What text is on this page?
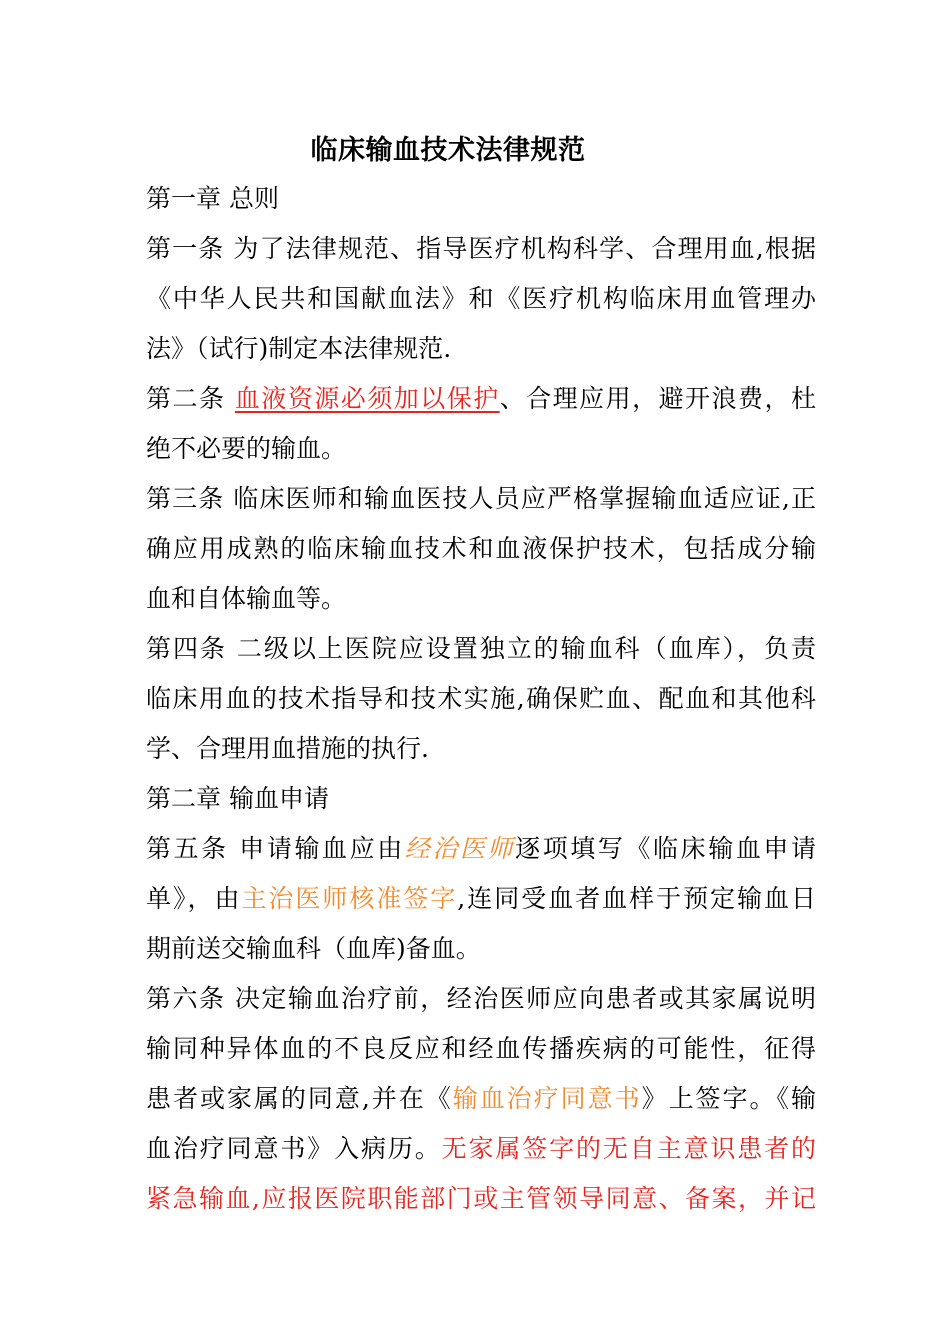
临床输血技术法律规范
第一章 总则
第一条 为了法律规范、指导医疗机构科学、合理用血,根据
《中华人民共和国献血法》和《医疗机构临床用血管理办
法》（试行)制定本法律规范.
第二条 血液资源必须加以保护、合理应用，避开浪费，杜
绝不必要的输血。
第三条 临床医师和输血医技人员应严格掌握输血适应证,正
确应用成熟的临床输血技术和血液保护技术，包括成分输
血和自体输血等。
第四条 二级以上医院应设置独立的输血科（血库），负责
临床用血的技术指导和技术实施,确保贮血、配血和其他科
学、合理用血措施的执行.
第二章 输血申请
第五条 申请输血应由经治医师逐项填写《临床输血申请
单》，由主治医师核准签字,连同受血者血样于预定输血日
期前送交输血科（血库)备血。
第六条 决定输血治疗前，经治医师应向患者或其家属说明
输同种异体血的不良反应和经血传播疾病的可能性，征得
患者或家属的同意,并在《输血治疗同意书》上签字。《输
血治疗同意书》入病历。无家属签字的无自主意识患者的
紧急输血,应报医院职能部门或主管领导同意、备案，并记
